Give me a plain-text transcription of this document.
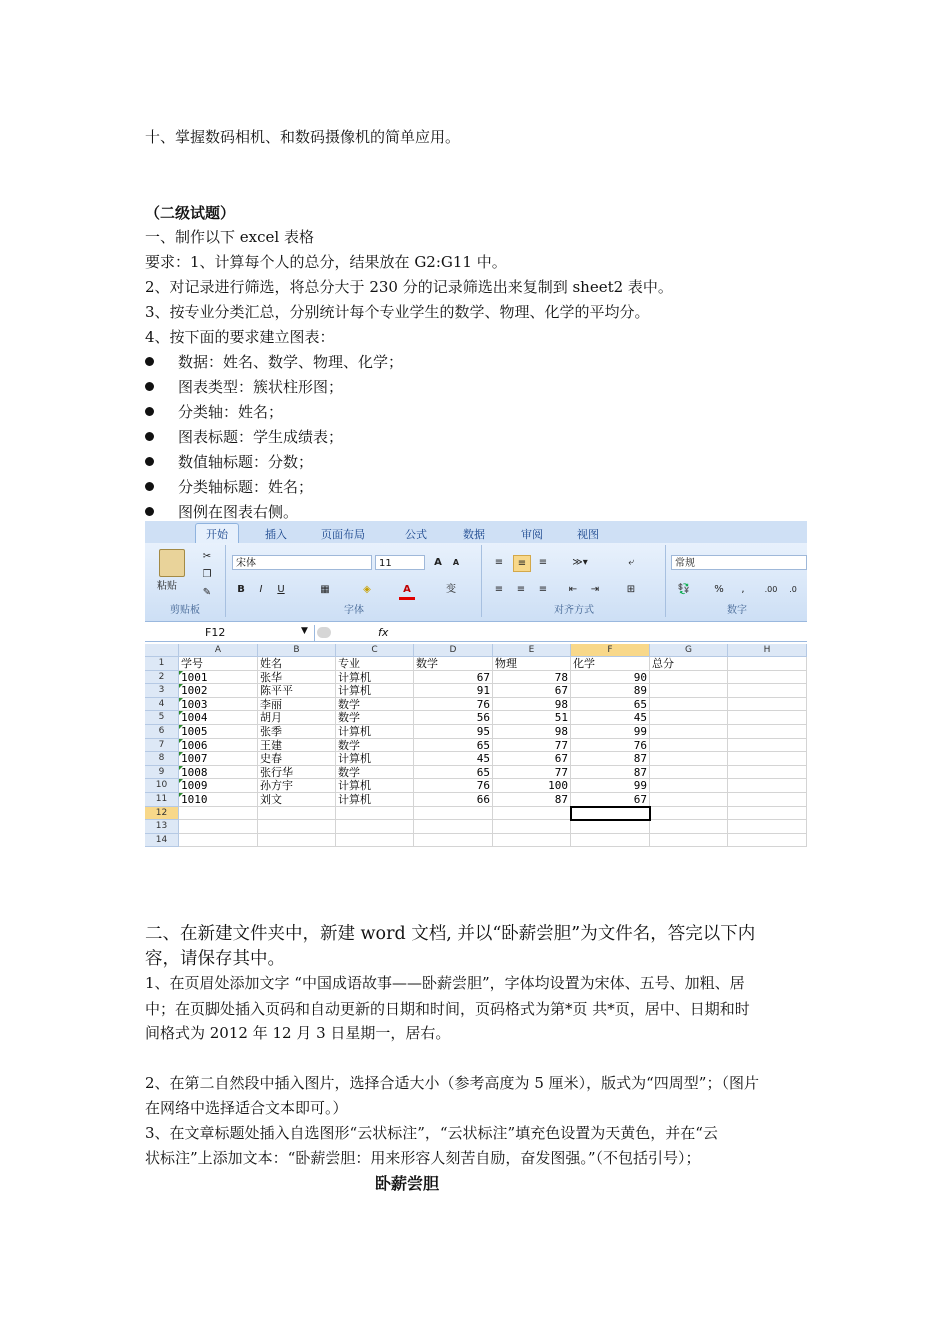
十、掌握数码相机、和数码摄像机的简单应用。
（二级试题）
一、制作以下 excel 表格
要求：1、计算每个人的总分，结果放在 G2:G11 中。
2、对记录进行筛选，将总分大于 230 分的记录筛选出来复制到 sheet2 表中。
3、按专业分类汇总，分别统计每个专业学生的数学、物理、化学的平均分。
4、按下面的要求建立图表：
数据：姓名、数学、物理、化学；
图表类型：簇状柱形图；
分类轴：姓名；
图表标题：学生成绩表；
数值轴标题：分数；
分类轴标题：姓名；
图例在图表右侧。
开始	插入	页面布局	公式	数据	审阅	视图
粘贴
✂
❐
✎
剪贴板
宋体	11	A	A
B	I	U	▦	◈	A	变
字体
≡	≡	≡	≫▾	⤶
≡	≡	≡	⇤	⇥	⊞
对齐方式
常规
💱	%	,	.00	.0
数字
F12	▼	fx
A	B	C	D	E	F	G	H
1	学号	姓名	专业	数学	物理	化学	总分
2	1001	张华	计算机	67	78	90
3	1002	陈平平	计算机	91	67	89
4	1003	李丽	数学	76	98	65
5	1004	胡月	数学	56	51	45
6	1005	张季	计算机	95	98	99
7	1006	王建	数学	65	77	76
8	1007	史春	计算机	45	67	87
9	1008	张行华	数学	65	77	87
10	1009	孙方宇	计算机	76	100	99
11	1010	刘文	计算机	66	87	67
12
13
14
二、在新建文件夹中，新建 word 文档, 并以“卧薪尝胆”为文件名，答完以下内
容，请保存其中。
1、在页眉处添加文字 “中国成语故事——卧薪尝胆”，字体均设置为宋体、五号、加粗、居
中；在页脚处插入页码和自动更新的日期和时间，页码格式为第*页 共*页，居中、日期和时
间格式为 2012 年 12 月 3 日星期一，居右。
2、在第二自然段中插入图片，选择合适大小（参考高度为 5 厘米），版式为“四周型”；（图片
在网络中选择适合文本即可。）
3、在文章标题处插入自选图形“云状标注”，“云状标注”填充色设置为天黄色，并在“云
状标注”上添加文本：“卧薪尝胆：用来形容人刻苦自励，奋发图强。”（不包括引号）；
卧薪尝胆
